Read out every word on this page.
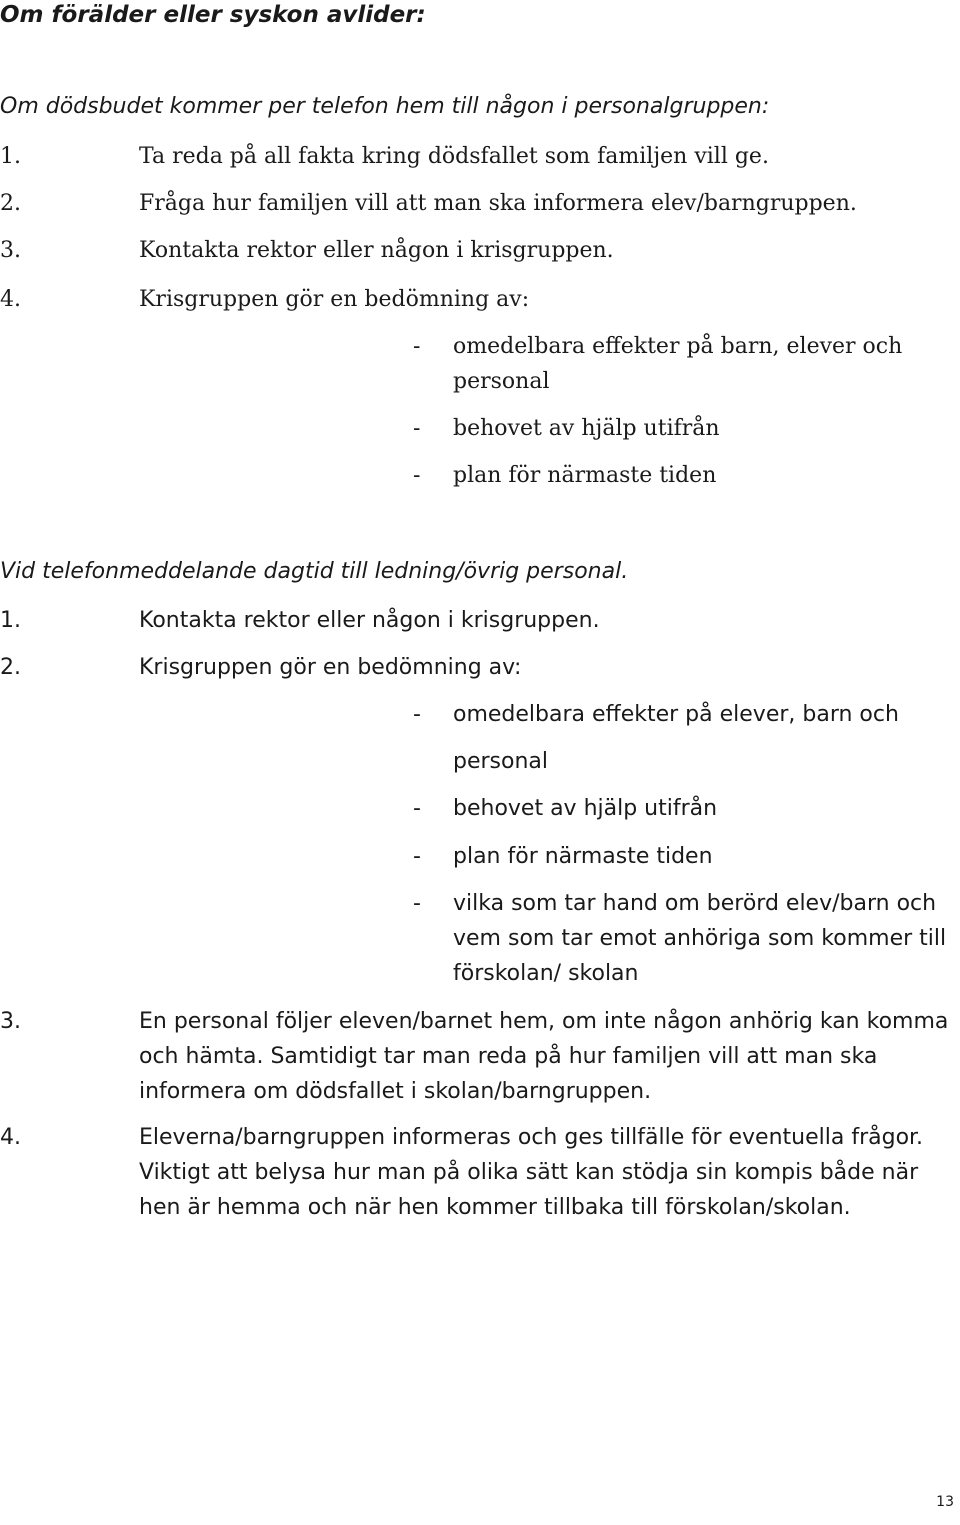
Om förälder eller syskon avlider:

Om dödsbudet kommer per telefon hem till någon i personalgruppen:

1.	Ta reda på all fakta kring dödsfallet som familjen vill ge.
2.	Fråga hur familjen vill att man ska informera elev/barngruppen.
3.	Kontakta rektor eller någon i krisgruppen.
4.	Krisgruppen gör en bedömning av:
- omedelbara effekter på barn, elever och
personal
- behovet av hjälp utifrån
- plan för närmaste tiden

Vid telefonmeddelande dagtid till ledning/övrig personal.

1.	Kontakta rektor eller någon i krisgruppen.
2.	Krisgruppen gör en bedömning av:
- omedelbara effekter på elever, barn och
personal
- behovet av hjälp utifrån
- plan för närmaste tiden
- vilka som tar hand om berörd elev/barn och vem som tar emot anhöriga som kommer till förskolan/ skolan
3.	En personal följer eleven/barnet hem, om inte någon anhörig kan komma och hämta. Samtidigt tar man reda på hur familjen vill att man ska informera om dödsfallet i skolan/barngruppen.
4.	Eleverna/barngruppen informeras och ges tillfälle för eventuella frågor. Viktigt att belysa hur man på olika sätt kan stödja sin kompis både när hen är hemma och när hen kommer tillbaka till förskolan/skolan.
13
